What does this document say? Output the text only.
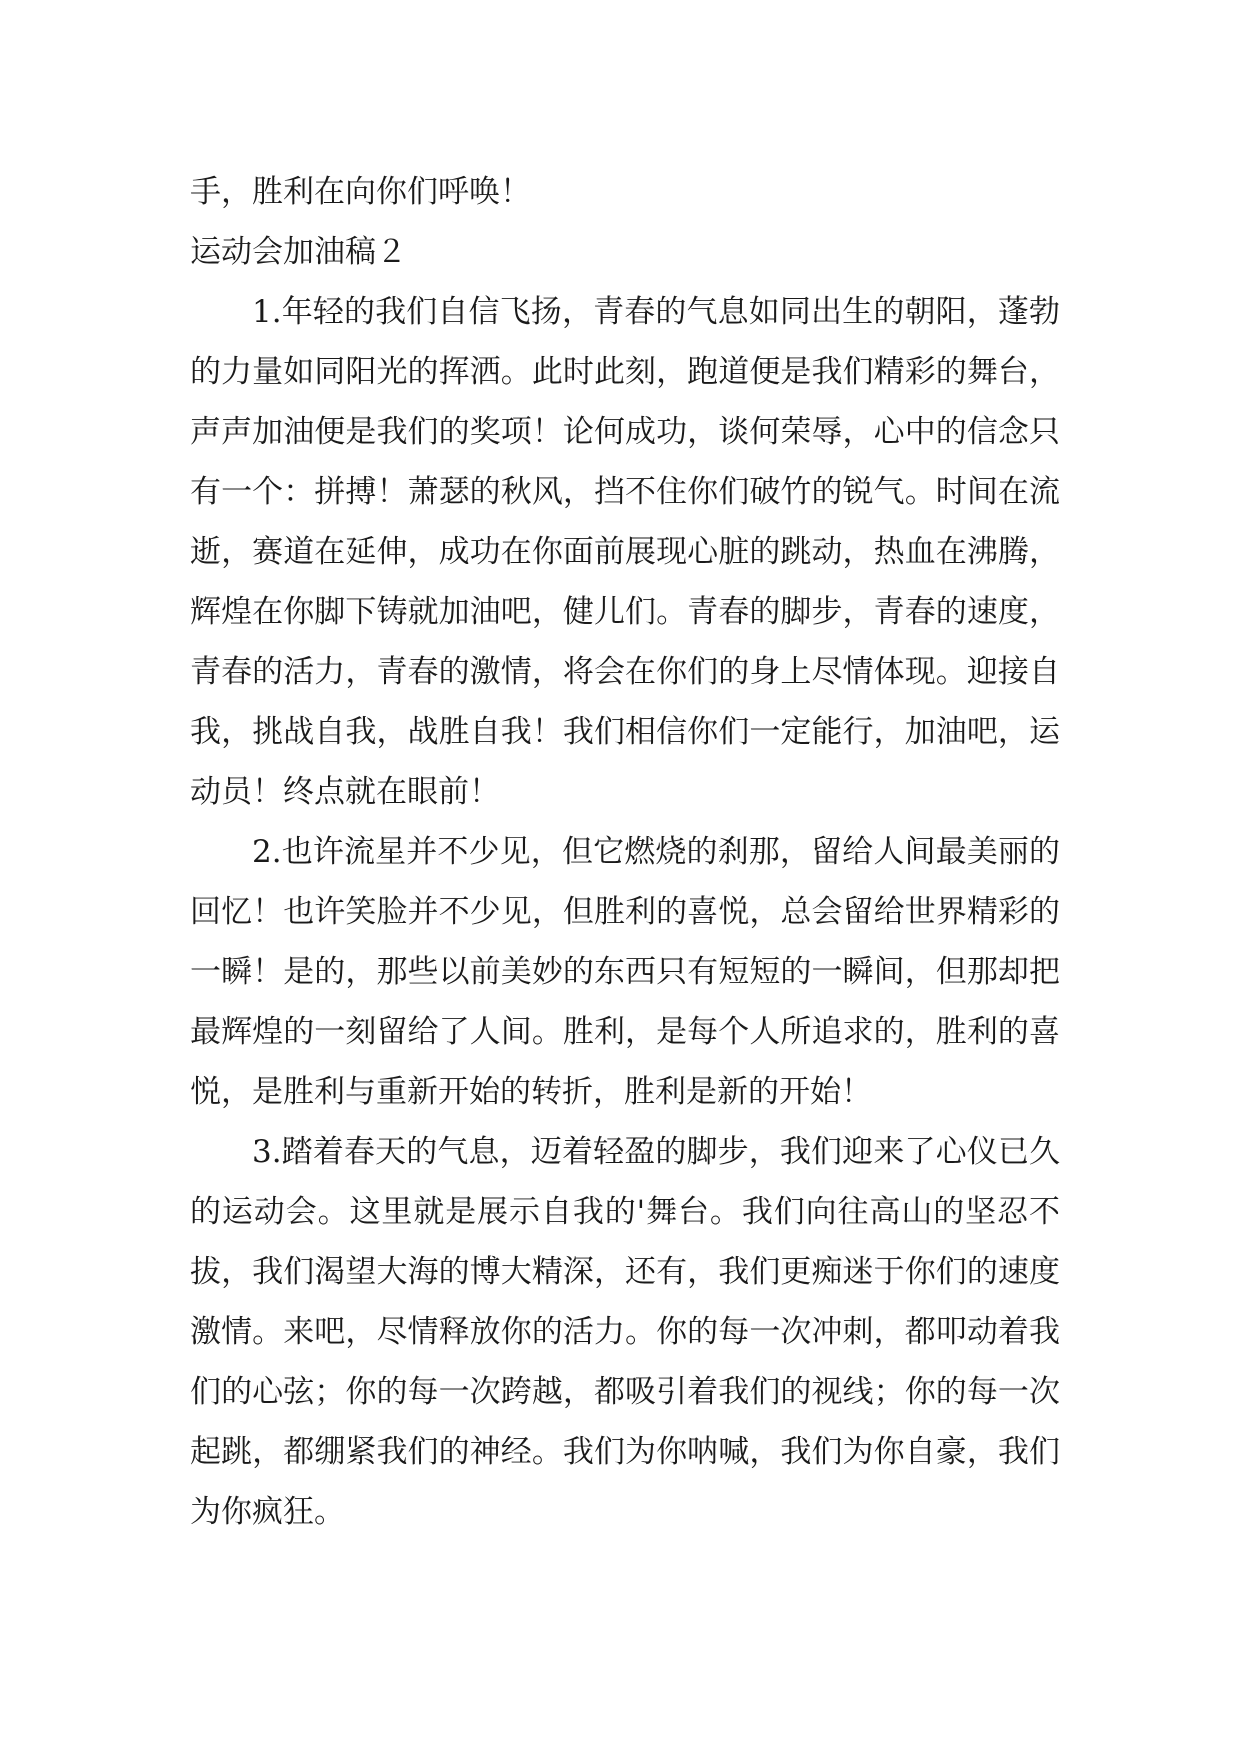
手，胜利在向你们呼唤！

运动会加油稿２

1.年轻的我们自信飞扬，青春的气息如同出生的朝阳，蓬勃的力量如同阳光的挥洒。此时此刻，跑道便是我们精彩的舞台，声声加油便是我们的奖项！论何成功，谈何荣辱，心中的信念只有一个：拼搏！萧瑟的秋风，挡不住你们破竹的锐气。时间在流逝，赛道在延伸，成功在你面前展现心脏的跳动，热血在沸腾，辉煌在你脚下铸就加油吧，健儿们。青春的脚步，青春的速度，青春的活力，青春的激情，将会在你们的身上尽情体现。迎接自我，挑战自我，战胜自我！我们相信你们一定能行，加油吧，运动员！终点就在眼前！

2.也许流星并不少见，但它燃烧的刹那，留给人间最美丽的回忆！也许笑脸并不少见，但胜利的喜悦，总会留给世界精彩的一瞬！是的，那些以前美妙的东西只有短短的一瞬间，但那却把最辉煌的一刻留给了人间。胜利，是每个人所追求的，胜利的喜悦，是胜利与重新开始的转折，胜利是新的开始！

3.踏着春天的气息，迈着轻盈的脚步，我们迎来了心仪已久的运动会。这里就是展示自我的'舞台。我们向往高山的坚忍不拔，我们渴望大海的博大精深，还有，我们更痴迷于你们的速度激情。来吧，尽情释放你的活力。你的每一次冲刺，都叩动着我们的心弦；你的每一次跨越，都吸引着我们的视线；你的每一次起跳，都绷紧我们的神经。我们为你呐喊，我们为你自豪，我们为你疯狂。
